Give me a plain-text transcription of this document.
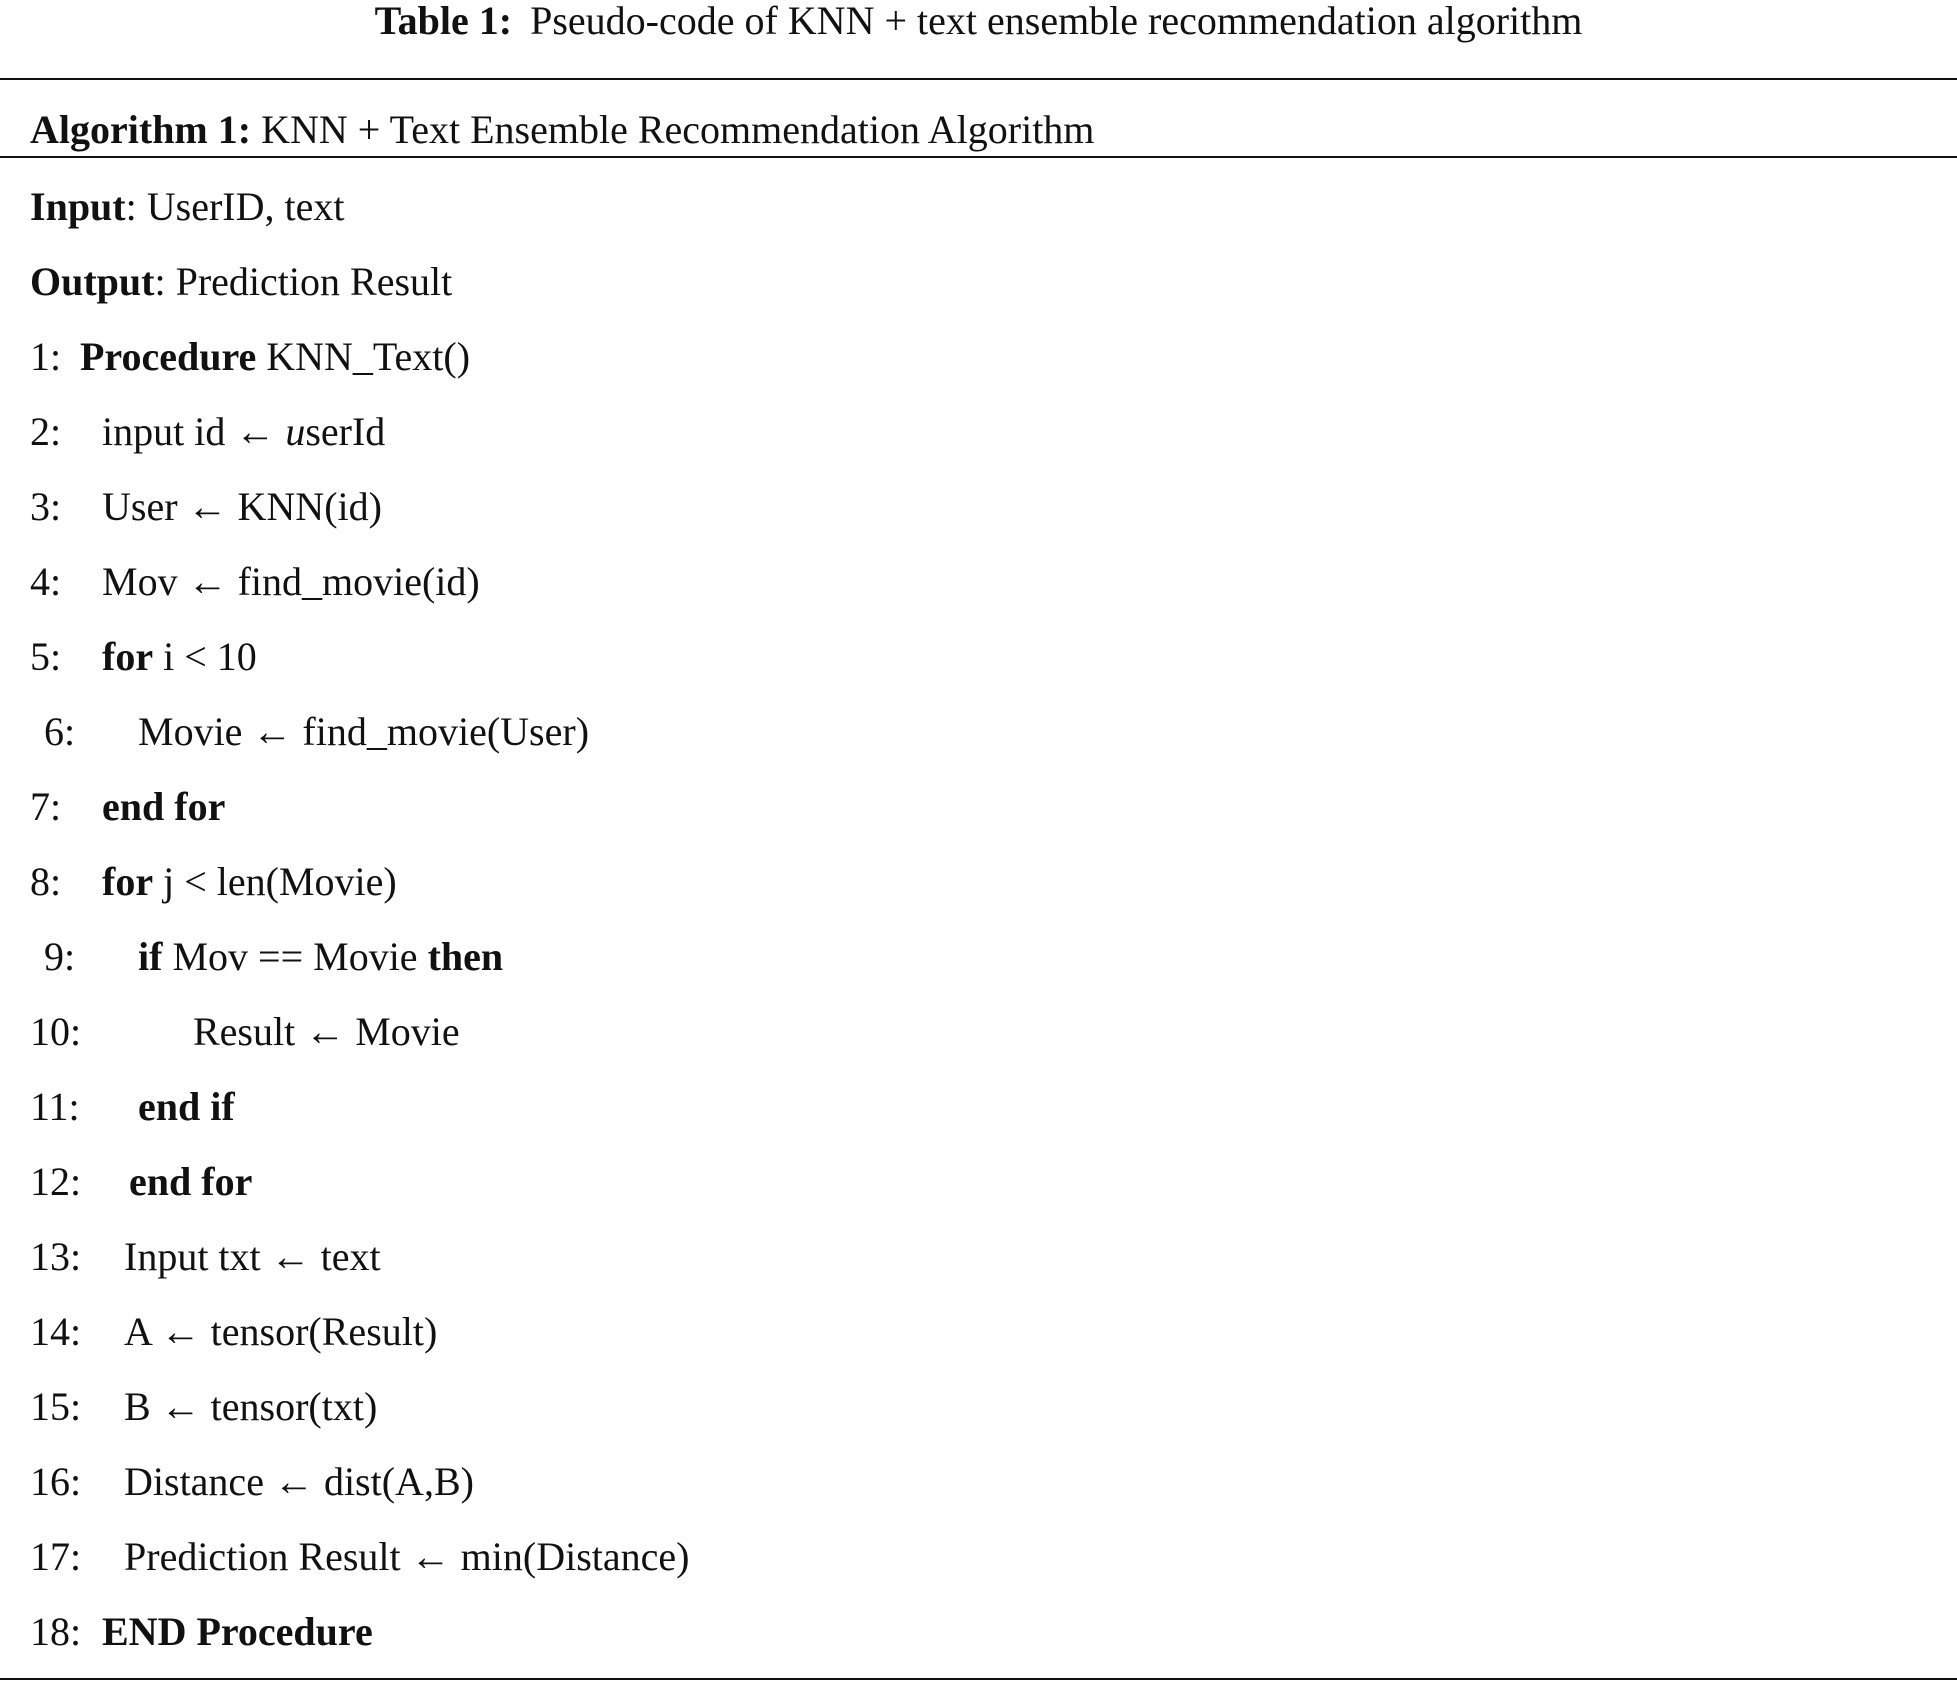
Table 1: Pseudo-code of KNN + text ensemble recommendation algorithm
Algorithm 1: KNN + Text Ensemble Recommendation Algorithm
Input: UserID, text
Output: Prediction Result
1: Procedure KNN_Text()
2: input id ← userId
3: User ← KNN(id)
4: Mov ← find_movie(id)
5: for i < 10
6: Movie ← find_movie(User)
7: end for
8: for j < len(Movie)
9: if Mov == Movie then
10:	Result ← Movie
11: end if
12: end for
13: Input txt ← text
14: A ← tensor(Result)
15: B ← tensor(txt)
16: Distance ← dist(A,B)
17: Prediction Result ← min(Distance)
18: END Procedure
